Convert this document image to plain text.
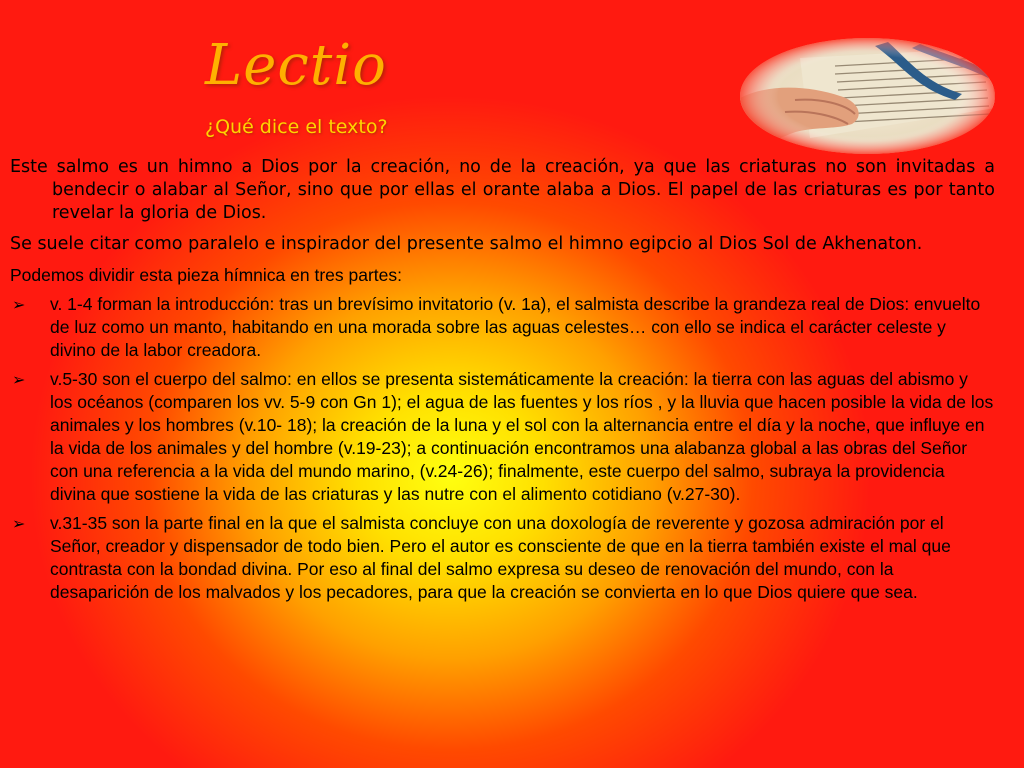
Lectio
¿Qué dice el texto?

Este salmo es un himno a Dios por la creación, no de la creación, ya que las criaturas no son invitadas a bendecir o alabar al Señor, sino que por ellas el orante alaba a Dios. El papel de las criaturas es por tanto revelar la gloria de Dios.

Se suele citar como paralelo e inspirador del presente salmo el himno egipcio al Dios Sol de Akhenaton.

Podemos dividir esta pieza hímnica en tres partes:

➢ v. 1-4 forman la introducción: tras un brevísimo invitatorio (v. 1a), el salmista describe la grandeza real de Dios: envuelto de luz como un manto, habitando en una morada sobre las aguas celestes… con ello se indica el carácter celeste y divino de la labor creadora.
➢ v.5-30 son el cuerpo del salmo: en ellos se presenta sistemáticamente la creación: la tierra con las aguas del abismo y los océanos (comparen los vv. 5-9 con Gn 1); el agua de las fuentes y los ríos , y la lluvia que hacen posible la vida de los animales y los hombres (v.10- 18); la creación de la luna y el sol con la alternancia entre el día y la noche, que influye en la vida de los animales y del hombre (v.19-23); a continuación encontramos una alabanza global a las obras del Señor con una referencia a la vida del mundo marino, (v.24-26); finalmente, este cuerpo del salmo, subraya la providencia divina que sostiene la vida de las criaturas y las nutre con el alimento cotidiano (v.27-30).
➢ v.31-35 son la parte final en la que el salmista concluye con una doxología de reverente y gozosa admiración por el Señor, creador y dispensador de todo bien. Pero el autor es consciente de que en la tierra también existe el mal que contrasta con la bondad divina. Por eso al final del salmo expresa su deseo de renovación del mundo, con la desaparición de los malvados y los pecadores, para que la creación se convierta en lo que Dios quiere que sea.
